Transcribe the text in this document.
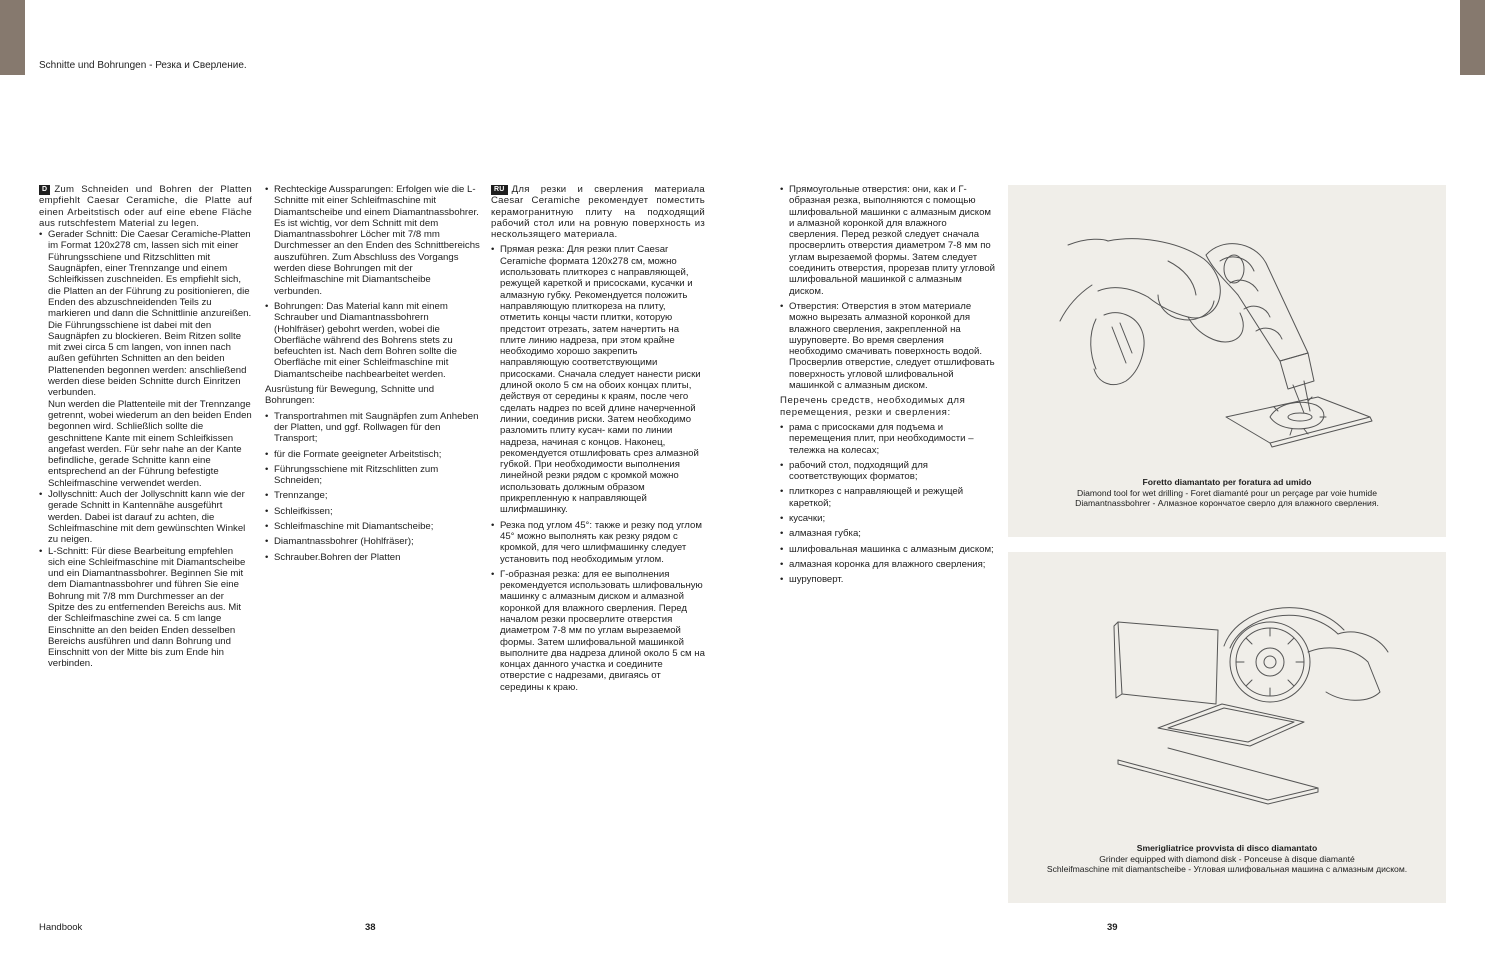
Schnitte und Bohrungen - Резка и Сверление.

D Zum Schneiden und Bohren der Platten empfiehlt Caesar Ceramiche, die Platte auf einen Arbeitstisch oder auf eine ebene Fläche aus rutschfestem Material zu legen.

• Gerader Schnitt: Die Caesar Ceramiche-Platten im Format 120x278 cm, lassen sich mit einer Führungsschiene und Ritzschlitten mit Saugnäpfen, einer Trennzange und einem Schleifkissen zuschneiden. Es empfiehlt sich, die Platten an der Führung zu positionieren, die Enden des abzuschneidenden Teils zu markieren und dann die Schnittlinie anzureißen. Die Führungsschiene ist dabei mit den Saugnäpfen zu blockieren. Beim Ritzen sollte mit zwei circa 5 cm langen, von innen nach außen geführten Schnitten an den beiden Plattenenden begonnen werden: anschließend werden diese beiden Schnitte durch Einritzen verbunden.
Nun werden die Plattenteile mit der Trennzange getrennt, wobei wiederum an den beiden Enden begonnen wird. Schließlich sollte die geschnittene Kante mit einem Schleifkissen angefast werden. Für sehr nahe an der Kante befindliche, gerade Schnitte kann eine entsprechend an der Führung befestigte Schleifmaschine verwendet werden.
• Jollyschnitt: Auch der Jollyschnitt kann wie der gerade Schnitt in Kantennähe ausgeführt werden. Dabei ist darauf zu achten, die Schleifmaschine mit dem gewünschten Winkel zu neigen.
• L-Schnitt: Für diese Bearbeitung empfehlen sich eine Schleifmaschine mit Diamantscheibe und ein Diamantnassbohrer. Beginnen Sie mit dem Diamantnassbohrer und führen Sie eine Bohrung mit 7/8 mm Durchmesser an der Spitze des zu entfernenden Bereichs aus. Mit der Schleifmaschine zwei ca. 5 cm lange Einschnitte an den beiden Enden desselben Bereichs ausführen und dann Bohrung und Einschnitt von der Mitte bis zum Ende hin verbinden.
• Rechteckige Aussparungen: Erfolgen wie die L-Schnitte mit einer Schleifmaschine mit Diamantscheibe und einem Diamantnassbohrer. Es ist wichtig, vor dem Schnitt mit dem Diamantnassbohrer Löcher mit 7/8 mm Durchmesser an den Enden des Schnittbereichs auszuführen. Zum Abschluss des Vorgangs werden diese Bohrungen mit der Schleifmaschine mit Diamantscheibe verbunden.
• Bohrungen: Das Material kann mit einem Schrauber und Diamantnassbohrern (Hohlfräser) gebohrt werden, wobei die Oberfläche während des Bohrens stets zu befeuchten ist. Nach dem Bohren sollte die Oberfläche mit einer Schleifmaschine mit Diamantscheibe nachbearbeitet werden.

Ausrüstung für Bewegung, Schnitte und Bohrungen:

• Transportrahmen mit Saugnäpfen zum Anheben der Platten, und ggf. Rollwagen für den Transport;
• für die Formate geeigneter Arbeitstisch;
• Führungsschiene mit Ritzschlitten zum Schneiden;
• Trennzange;
• Schleifkissen;
• Schleifmaschine mit Diamantscheibe;
• Diamantnassbohrer (Hohlfräser);
• Schrauber.Bohren der Platten

RU Для резки и сверления материала Caesar Ceramiche рекомендует поместить керамогранитную плиту на подходящий рабочий стол или на ровную поверхность из нескользящего материала.

• Прямая резка: Для резки плит Caesar Ceramiche формата 120x278 см, можно использовать плиткорез с направляющей, режущей кареткой и присосками, кусачки и алмазную губку. Рекомендуется положить направляющую плиткореза на плиту, отметить концы части плитки, которую предстоит отрезать, затем начертить на плите линию надреза, при этом крайне необходимо хорошо закрепить направляющую соответствующими присосками. Сначала следует нанести риски длиной около 5 см на обоих концах плиты, действуя от середины к краям, после чего сделать надрез по всей длине начерченной линии, соединив риски. Затем необходимо разломить плиту кусач- ками по линии надреза, начиная с концов. Наконец, рекомендуется отшлифовать срез алмазной губкой. При необходимости выполнения линейной резки рядом с кромкой можно использовать должным образом прикрепленную к направляющей шлифмашинку.
• Резка под углом 45°: также и резку под углом 45° можно выполнять как резку рядом с кромкой, для чего шлифмашинку следует установить под необходимым углом.
• Г-образная резка: для ее выполнения рекомендуется использовать шлифовальную машинку с алмазным диском и алмазной коронкой для влажного сверления. Перед началом резки просверлите отверстия диаметром 7-8 мм по углам вырезаемой формы. Затем шлифовальной машинкой выполните два надреза длиной около 5 см на концах данного участка и соедините отверстие с надрезами, двигаясь от середины к краю.
• Прямоугольные отверстия: они, как и Г-образная резка, выполняются с помощью шлифовальной машинки с алмазным диском и алмазной коронкой для влажного сверления. Перед резкой следует сначала просверлить отверстия диаметром 7-8 мм по углам вырезаемой формы. Затем следует соединить отверстия, прорезав плиту угловой шлифовальной машинкой с алмазным диском.
• Отверстия: Отверстия в этом материале можно вырезать алмазной коронкой для влажного сверления, закрепленной на шуруповерте. Во время сверления необходимо смачивать поверхность водой. Просверлив отверстие, следует отшлифовать поверхность угловой шлифовальной машинкой с алмазным диском.

Перечень средств, необходимых для перемещения, резки и сверления:

• рама с присосками для подъема и перемещения плит, при необходимости – тележка на колесах;
• рабочий стол, подходящий для соответствующих форматов;
• плиткорез с направляющей и режущей кареткой;
• кусачки;
• алмазная губка;
• шлифовальная машинка с алмазным диском;
• алмазная коронка для влажного сверления;
• шуруповерт.
Foretto diamantato per foratura ad umido
Diamond tool for wet drilling - Foret diamanté pour un perçage par voie humide
Diamantnassbohrer - Алмазное корончатое сверло для влажного сверления.
Smerigliatrice provvista di disco diamantato
Grinder equipped with diamond disk - Ponceuse à disque diamanté
Schleifmaschine mit diamantscheibe - Угловая шлифовальная машина с алмазным диском.
Handbook	38	39
